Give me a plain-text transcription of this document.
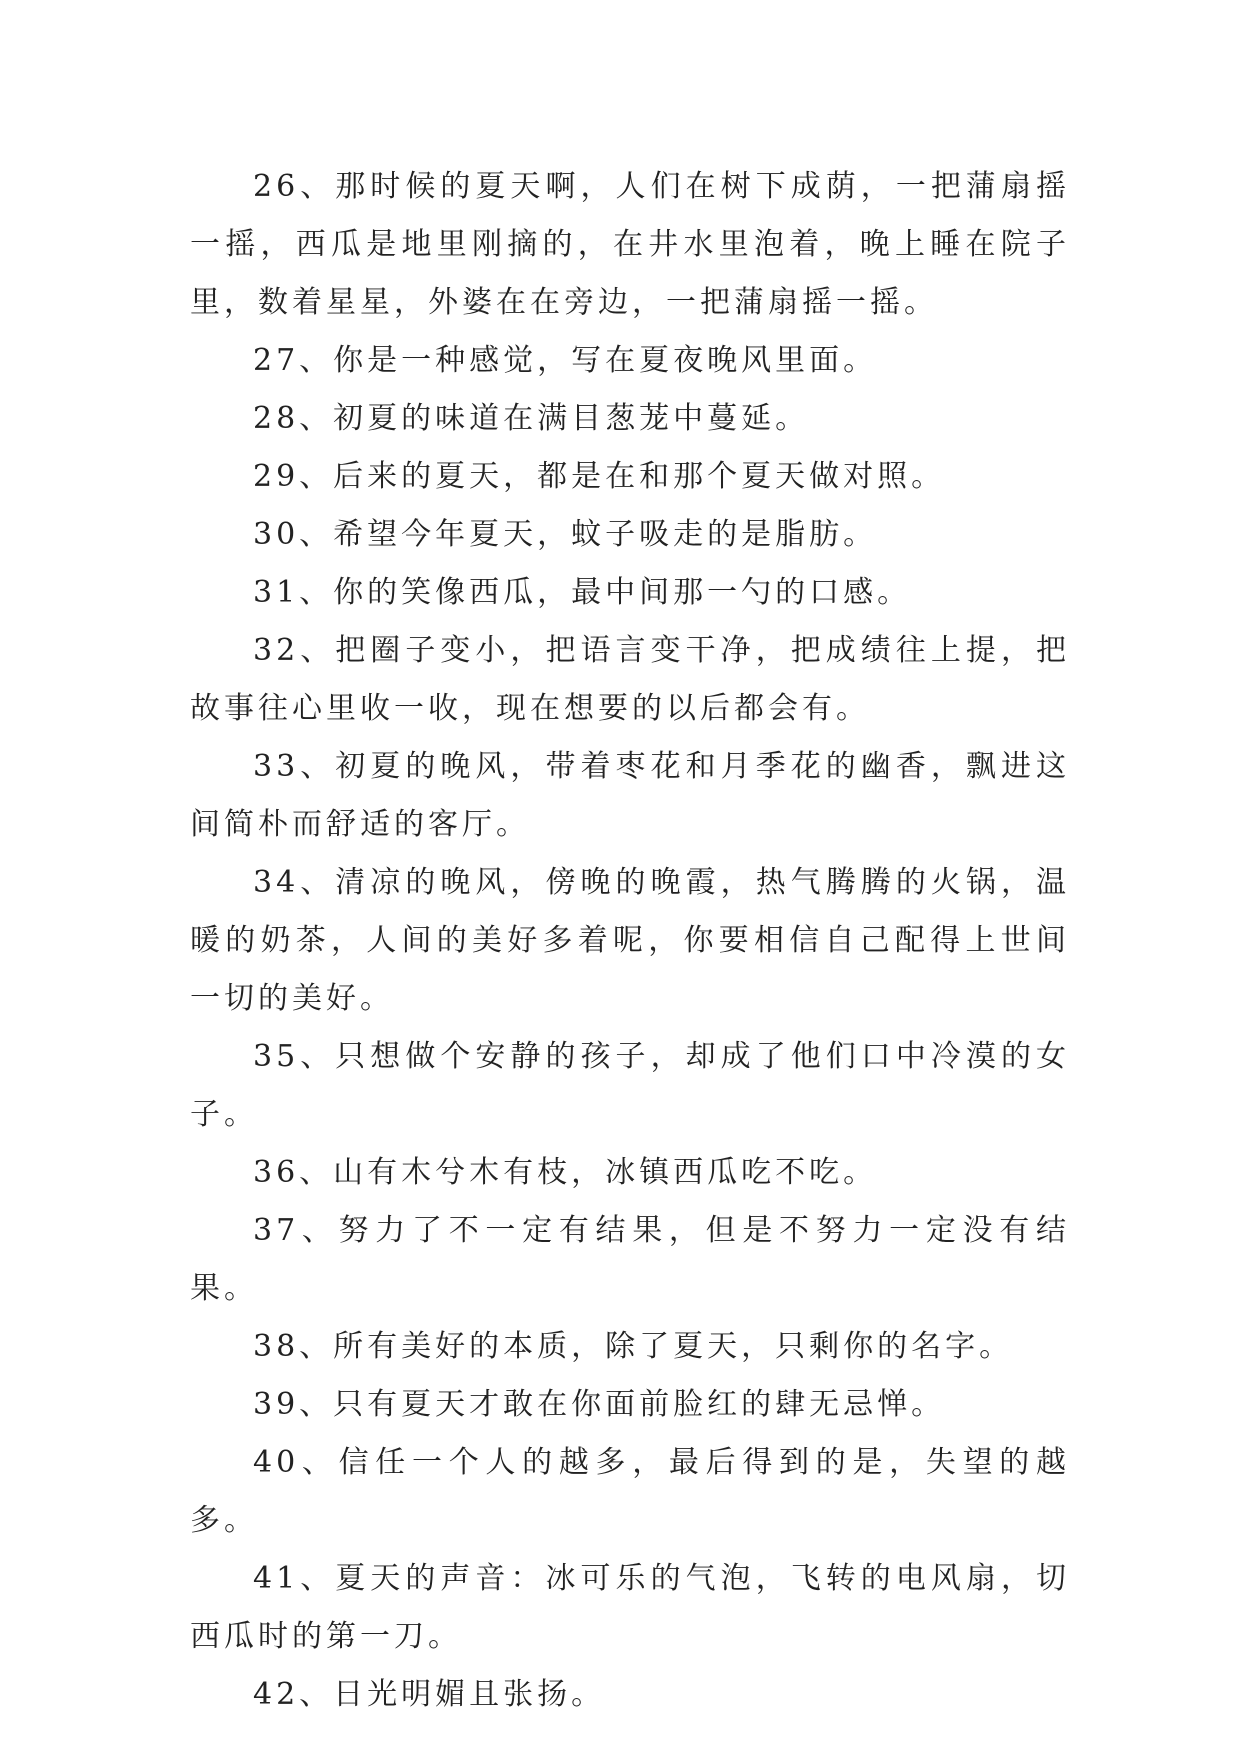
26、那时候的夏天啊，人们在树下成荫，一把蒲扇摇一摇，西瓜是地里刚摘的，在井水里泡着，晚上睡在院子里，数着星星，外婆在在旁边，一把蒲扇摇一摇。

27、你是一种感觉，写在夏夜晚风里面。

28、初夏的味道在满目葱茏中蔓延。

29、后来的夏天，都是在和那个夏天做对照。

30、希望今年夏天，蚊子吸走的是脂肪。

31、你的笑像西瓜，最中间那一勺的口感。

32、把圈子变小，把语言变干净，把成绩往上提，把故事往心里收一收，现在想要的以后都会有。

33、初夏的晚风，带着枣花和月季花的幽香，飘进这间简朴而舒适的客厅。

34、清凉的晚风，傍晚的晚霞，热气腾腾的火锅，温暖的奶茶，人间的美好多着呢，你要相信自己配得上世间一切的美好。

35、只想做个安静的孩子，却成了他们口中冷漠的女子。

36、山有木兮木有枝，冰镇西瓜吃不吃。

37、努力了不一定有结果，但是不努力一定没有结果。

38、所有美好的本质，除了夏天，只剩你的名字。

39、只有夏天才敢在你面前脸红的肆无忌惮。

40、信任一个人的越多，最后得到的是，失望的越多。

41、夏天的声音：冰可乐的气泡，飞转的电风扇，切西瓜时的第一刀。

42、日光明媚且张扬。
